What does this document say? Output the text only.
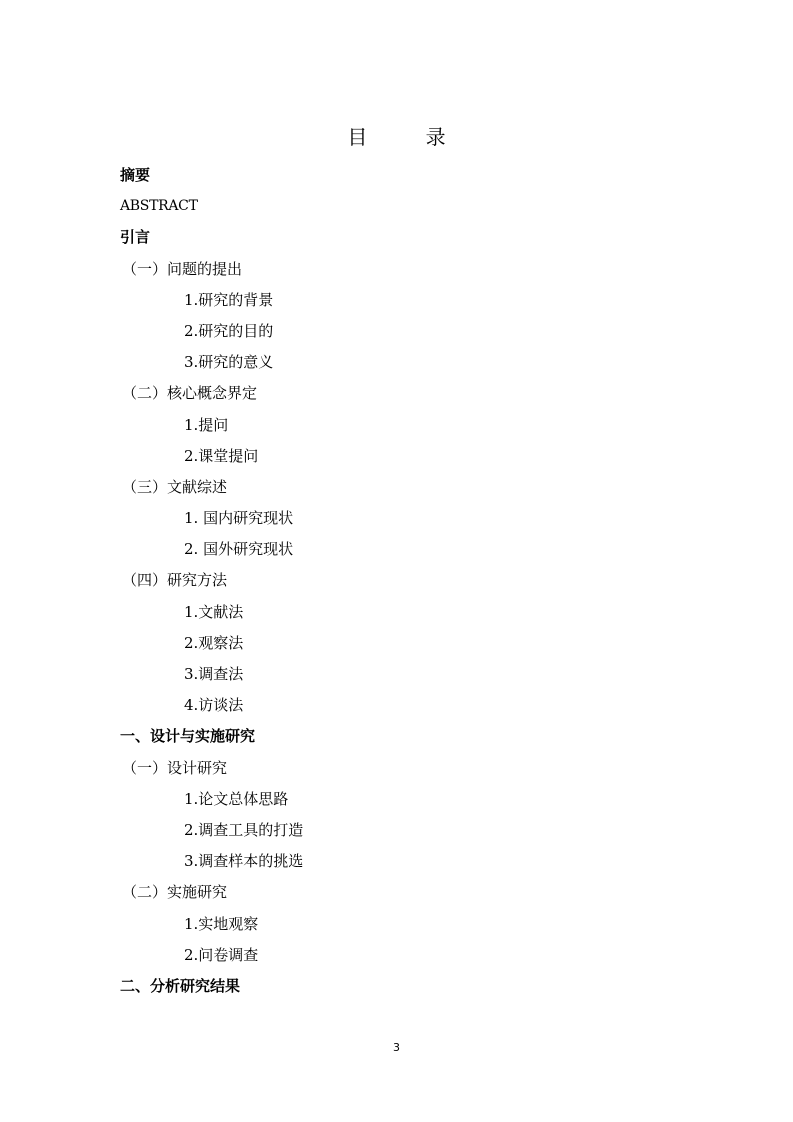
目 录
摘要
ABSTRACT
引言
（一）问题的提出
1.研究的背景
2.研究的目的
3.研究的意义
（二）核心概念界定
1.提问
2.课堂提问
（三）文献综述
1. 国内研究现状
2. 国外研究现状
（四）研究方法
1.文献法
2.观察法
3.调查法
4.访谈法
一、设计与实施研究
（一）设计研究
1.论文总体思路
2.调查工具的打造
3.调查样本的挑选
（二）实施研究
1.实地观察
2.问卷调查
二、分析研究结果
3
